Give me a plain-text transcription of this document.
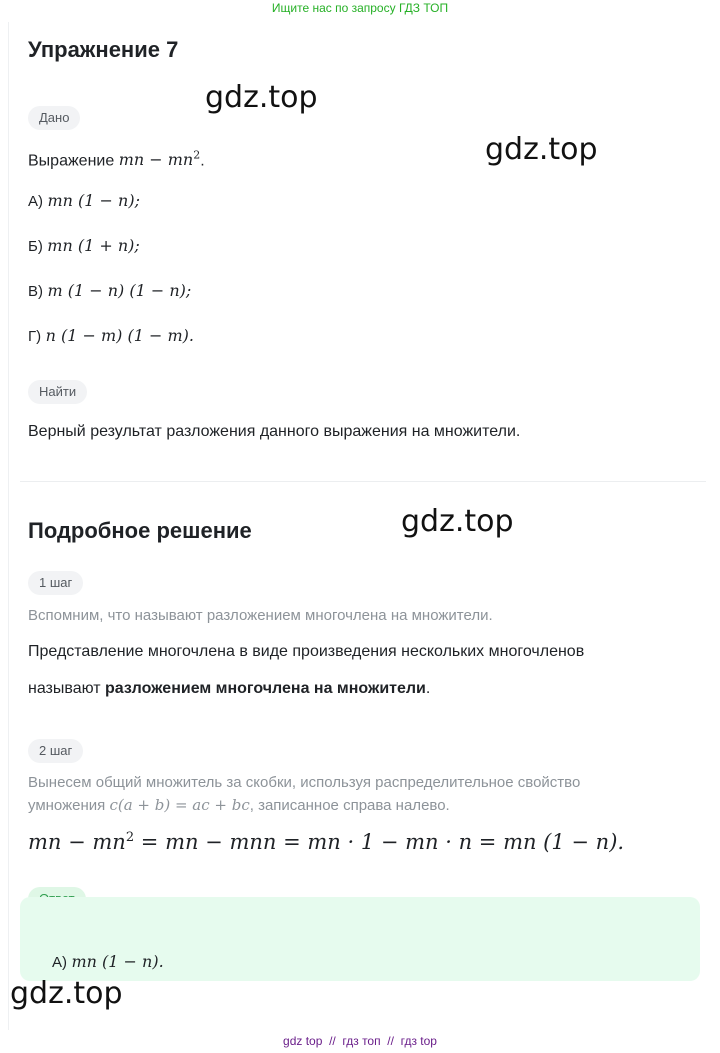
Ищите нас по запросу ГДЗ ТОП
Упражнение 7
Дано
Выражение mn − $mn^2$.
А) mn (1 − n);
Б) mn (1 + n);
В) m (1 − n) (1 − n);
Г) n (1 − m) (1 − m).
Найти
Верный результат разложения данного выражения на множители.
Подробное решение
1 шаг
Вспомним, что называют разложением многочлена на множители.
Представление многочлена в виде произведения нескольких многочленов
называют разложением многочлена на множители.
2 шаг
Вынесем общий множитель за скобки, используя распределительное свойство
умножения c(a + b) = ac + bc, записанное справа налево.
mn − $mn^2$ = mn − mnn = mn · 1 − mn · n = mn (1 − n).
А) mn (1 − n).
gdz.top
gdz.top
gdz.top
gdz.top
gdz top  //  гдз топ  //  гдз top
